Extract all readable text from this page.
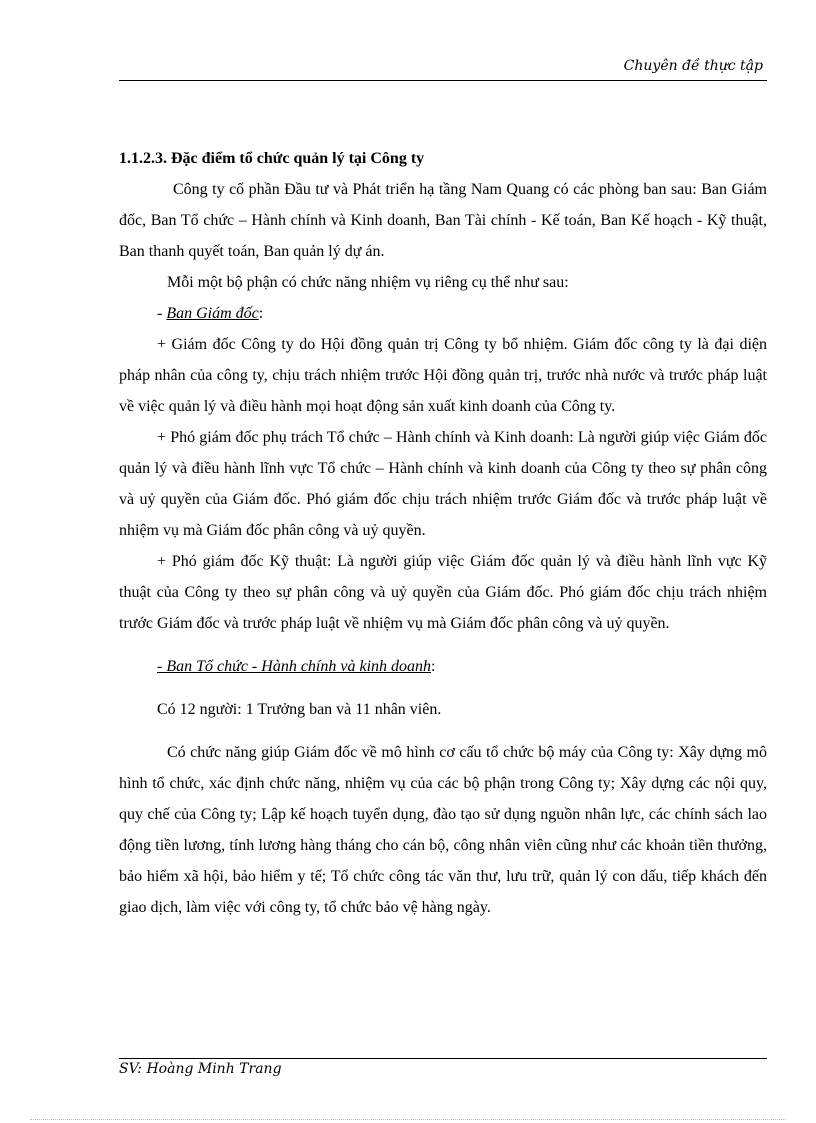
Chuyên đề thực tập

1.1.2.3. Đặc điểm tổ chức quản lý tại Công ty

Công ty cổ phần Đầu tư và Phát triển hạ tầng Nam Quang có các phòng ban sau: Ban Giám đốc, Ban Tổ chức – Hành chính và Kinh doanh, Ban Tài chính - Kế toán, Ban Kế hoạch - Kỹ thuật, Ban thanh quyết toán, Ban quản lý dự án.

Mỗi một bộ phận có chức năng nhiệm vụ riêng cụ thể như sau:

- Ban Giám đốc:

+ Giám đốc Công ty do Hội đồng quản trị Công ty bổ nhiệm. Giám đốc công ty là đại diện pháp nhân của công ty, chịu trách nhiệm trước Hội đồng quản trị, trước nhà nước và trước pháp luật về việc quản lý và điều hành mọi hoạt động sản xuất kinh doanh của Công ty.

+ Phó giám đốc phụ trách Tổ chức – Hành chính và Kinh doanh: Là người giúp việc Giám đốc quản lý và điều hành lĩnh vực Tổ chức – Hành chính và kinh doanh của Công ty theo sự phân công và uỷ quyền của Giám đốc. Phó giám đốc chịu trách nhiệm trước Giám đốc và trước pháp luật về nhiệm vụ mà Giám đốc phân công và uỷ quyền.

+ Phó giám đốc Kỹ thuật: Là người giúp việc Giám đốc quản lý và điều hành lĩnh vực Kỹ thuật của Công ty theo sự phân công và uỷ quyền của Giám đốc. Phó giám đốc chịu trách nhiệm trước Giám đốc và trước pháp luật về nhiệm vụ mà Giám đốc phân công và uỷ quyền.

- Ban Tổ chức - Hành chính và kinh doanh:

Có 12 người: 1 Trưởng ban và 11 nhân viên.

Có chức năng giúp Giám đốc về mô hình cơ cấu tổ chức bộ máy của Công ty: Xây dựng mô hình tổ chức, xác định chức năng, nhiệm vụ của các bộ phận trong Công ty; Xây dựng các nội quy, quy chế của Công ty; Lập kế hoạch tuyển dụng, đào tạo sử dụng nguồn nhân lực, các chính sách lao động tiền lương, tính lương hàng tháng cho cán bộ, công nhân viên cũng như các khoản tiền thưởng, bảo hiểm xã hội, bảo hiểm y tế; Tổ chức công tác văn thư, lưu trữ, quản lý con dấu, tiếp khách đến giao dịch, làm việc với công ty, tổ chức bảo vệ hàng ngày.

SV: Hoàng Minh Trang
